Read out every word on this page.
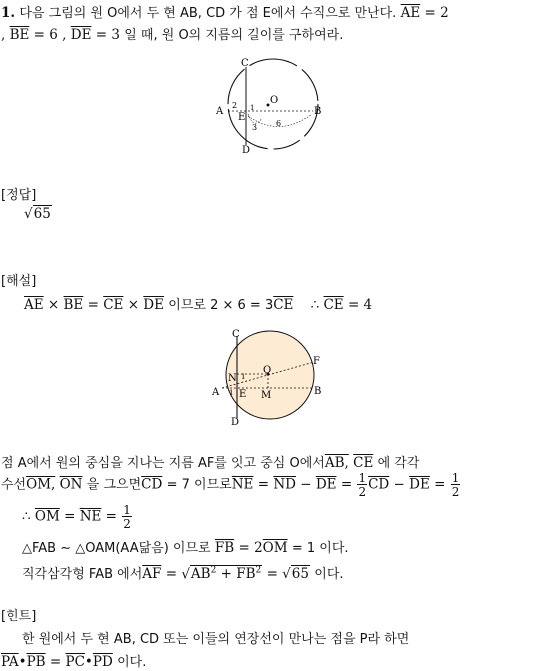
1. 다음 그림의 원 O에서 두 현 AB, CD 가 점 E에서 수직으로 만난다. $\overline{AE} = 2$
, $\overline{BE} = 6$ , $\overline{DE} = 3$ 일 때, 원 O의 지름의 길이를 구하여라.
C
A
E
D
B
O
2 1
3 6
[정답]
√65
[해설]
$\overline{AE} \times \overline{BE} = \overline{CE} \times \overline{DE}$ 이므로 $2 \times 6 = 3\overline{CE}$ ∴ $\overline{CE} = 4$
C
N
O
F
A E M	B
D
1
1
점 A에서 원의 중심을 지나는 지름 AF를 잇고 중심 O에서AB, $\overline{CE}$ 에 각각
수선OM, $\overline{ON}$ 을 그으면$\overline{CD} = 7$ 이므로$\overline{NE} = \overline{ND} - \overline{DE} = \frac{1}{2} \overline{CD} - \overline{DE} = \frac{1}{2}$
∴ $\overline{OM} = \overline{NE} = \frac{1}{2}$
△FAB ∼ △OAM(AA닮음) 이므로 $\overline{FB} = 2\overline{OM} = 1$ 이다.
직각삼각형 FAB 에서$\overline{AF} = √AB^2 + \overline{FB}^2 = √65$ 이다.
[힌트]
한 원에서 두 현 AB, CD 또는 이들의 연장선이 만나는 점을 P라 하면
$\overline{PA}•\overline{PB}$ = $\overline{PC}•\overline{PD}$ 이다.
